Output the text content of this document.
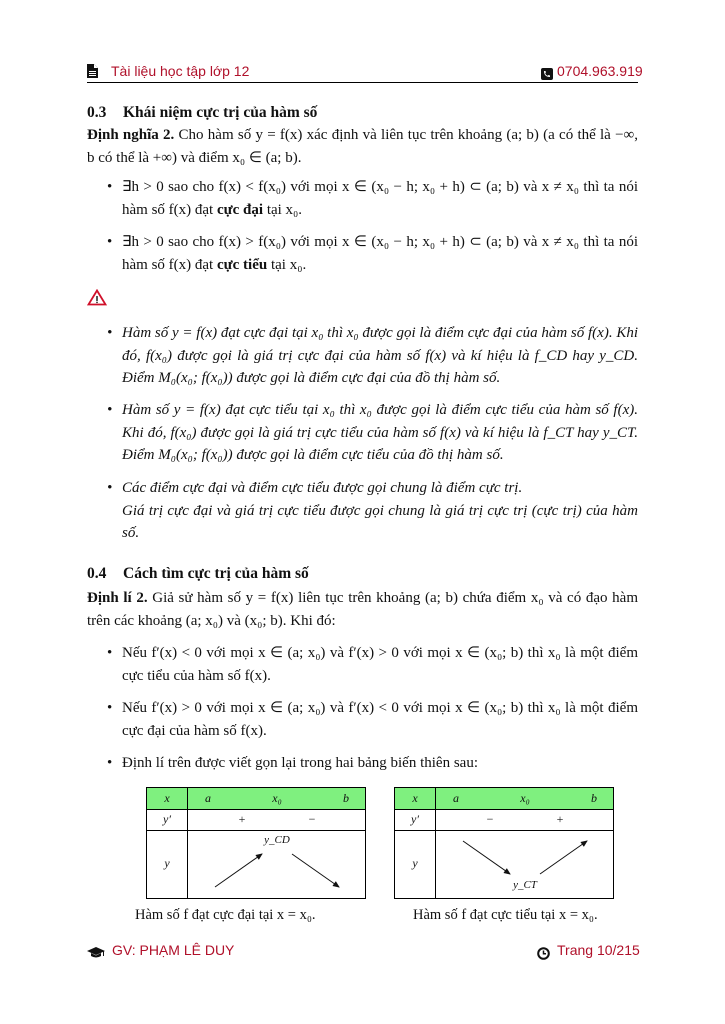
Tài liệu học tập lớp 12	0704.963.919
0.3 Khái niệm cực trị của hàm số
Định nghĩa 2. Cho hàm số y = f(x) xác định và liên tục trên khoảng (a; b) (a có thể là −∞, b có thể là +∞) và điểm x₀ ∈ (a; b).
• ∃h > 0 sao cho f(x) < f(x₀) với mọi x ∈ (x₀ − h; x₀ + h) ⊂ (a; b) và x ≠ x₀ thì ta nói hàm số f(x) đạt cực đại tại x₀.
• ∃h > 0 sao cho f(x) > f(x₀) với mọi x ∈ (x₀ − h; x₀ + h) ⊂ (a; b) và x ≠ x₀ thì ta nói hàm số f(x) đạt cực tiểu tại x₀.
• Hàm số y = f(x) đạt cực đại tại x₀ thì x₀ được gọi là điểm cực đại của hàm số f(x). Khi đó, f(x₀) được gọi là giá trị cực đại của hàm số f(x) và kí hiệu là f_CD hay y_CD. Điểm M₀(x₀; f(x₀)) được gọi là điểm cực đại của đồ thị hàm số.
• Hàm số y = f(x) đạt cực tiểu tại x₀ thì x₀ được gọi là điểm cực tiểu của hàm số f(x). Khi đó, f(x₀) được gọi là giá trị cực tiểu của hàm số f(x) và kí hiệu là f_CT hay y_CT. Điểm M₀(x₀; f(x₀)) được gọi là điểm cực tiểu của đồ thị hàm số.
• Các điểm cực đại và điểm cực tiểu được gọi chung là điểm cực trị.
Giá trị cực đại và giá trị cực tiểu được gọi chung là giá trị cực trị (cực trị) của hàm số.
0.4 Cách tìm cực trị của hàm số
Định lí 2. Giả sử hàm số y = f(x) liên tục trên khoảng (a; b) chứa điểm x₀ và có đạo hàm trên các khoảng (a; x₀) và (x₀; b). Khi đó:
• Nếu f′(x) < 0 với mọi x ∈ (a; x₀) và f′(x) > 0 với mọi x ∈ (x₀; b) thì x₀ là một điểm cực tiểu của hàm số f(x).
• Nếu f′(x) > 0 với mọi x ∈ (a; x₀) và f′(x) < 0 với mọi x ∈ (x₀; b) thì x₀ là một điểm cực đại của hàm số f(x).
• Định lí trên được viết gọn lại trong hai bảng biến thiên sau:
x	a	x₀	b
y′	+	−
y
y_CD
Hàm số f đạt cực đại tại x = x₀.
x	a	x₀	b
y′	−	+
y
y_CT
Hàm số f đạt cực tiểu tại x = x₀.
GV: PHẠM LÊ DUY	Trang 10/215
